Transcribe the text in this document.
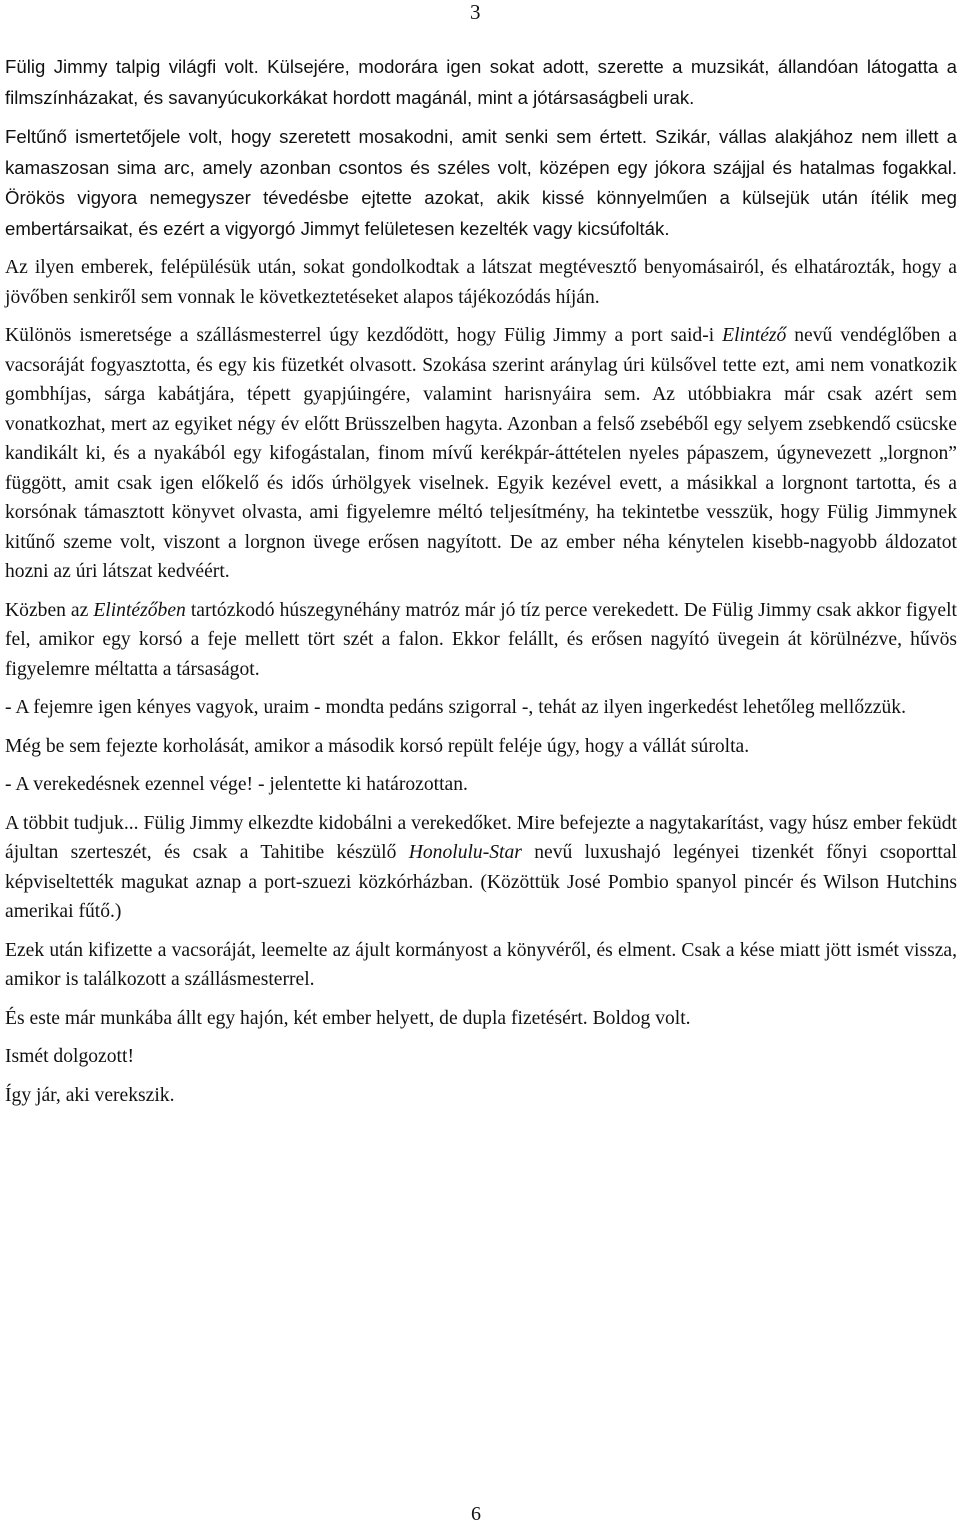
3

Fülig Jimmy talpig világfi volt. Külsejére, modorára igen sokat adott, szerette a muzsikát, állandóan látogatta a filmszínházakat, és savanyúcukorkákat hordott magánál, mint a jótársaságbeli urak.

Feltűnő ismertetőjele volt, hogy szeretett mosakodni, amit senki sem értett. Szikár, vállas alakjához nem illett a kamaszosan sima arc, amely azonban csontos és széles volt, középen egy jókora szájjal és hatalmas fogakkal. Örökös vigyora nemegyszer tévedésbe ejtette azokat, akik kissé könnyelműen a külsejük után ítélik meg embertársaikat, és ezért a vigyorgó Jimmyt felületesen kezelték vagy kicsúfolták.

Az ilyen emberek, felépülésük után, sokat gondolkodtak a látszat megtévesztő benyomásairól, és elhatározták, hogy a jövőben senkiről sem vonnak le következtetéseket alapos tájékozódás híján.

Különös ismeretsége a szállásmesterrel úgy kezdődött, hogy Fülig Jimmy a port said-i Elintéző nevű vendéglőben a vacsoráját fogyasztotta, és egy kis füzetkét olvasott. Szokása szerint aránylag úri külsővel tette ezt, ami nem vonatkozik gombhíjas, sárga kabátjára, tépett gyapjúingére, valamint harisnyáira sem. Az utóbbiakra már csak azért sem vonatkozhat, mert az egyiket négy év előtt Brüsszelben hagyta. Azonban a felső zsebéből egy selyem zsebkendő csücske kandikált ki, és a nyakából egy kifogástalan, finom mívű kerékpár-áttételen nyeles pápaszem, úgynevezett „lorgnon” függött, amit csak igen előkelő és idős úrhölgyek viselnek. Egyik kezével evett, a másikkal a lorgnont tartotta, és a korsónak támasztott könyvet olvasta, ami figyelemre méltó teljesítmény, ha tekintetbe vesszük, hogy Fülig Jimmynek kitűnő szeme volt, viszont a lorgnon üvege erősen nagyított. De az ember néha kénytelen kisebb-nagyobb áldozatot hozni az úri látszat kedvéért.

Közben az Elintézőben tartózkodó húszegynéhány matróz már jó tíz perce verekedett. De Fülig Jimmy csak akkor figyelt fel, amikor egy korsó a feje mellett tört szét a falon. Ekkor felállt, és erősen nagyító üvegein át körülnézve, hűvös figyelemre méltatta a társaságot.

- A fejemre igen kényes vagyok, uraim - mondta pedáns szigorral -, tehát az ilyen ingerkedést lehetőleg mellőzzük.

Még be sem fejezte korholását, amikor a második korsó repült feléje úgy, hogy a vállát súrolta.

- A verekedésnek ezennel vége! - jelentette ki határozottan.

A többit tudjuk... Fülig Jimmy elkezdte kidobálni a verekedőket. Mire befejezte a nagytakarítást, vagy húsz ember feküdt ájultan szerteszét, és csak a Tahitibe készülő Honolulu-Star nevű luxushajó legényei tizenkét főnyi csoporttal képviseltették magukat aznap a port-szuezi közkórházban. (Közöttük José Pombio spanyol pincér és Wilson Hutchins amerikai fűtő.)

Ezek után kifizette a vacsoráját, leemelte az ájult kormányost a könyvéről, és elment. Csak a kése miatt jött ismét vissza, amikor is találkozott a szállásmesterrel.

És este már munkába állt egy hajón, két ember helyett, de dupla fizetésért. Boldog volt.

Ismét dolgozott!

Így jár, aki verekszik.

6
